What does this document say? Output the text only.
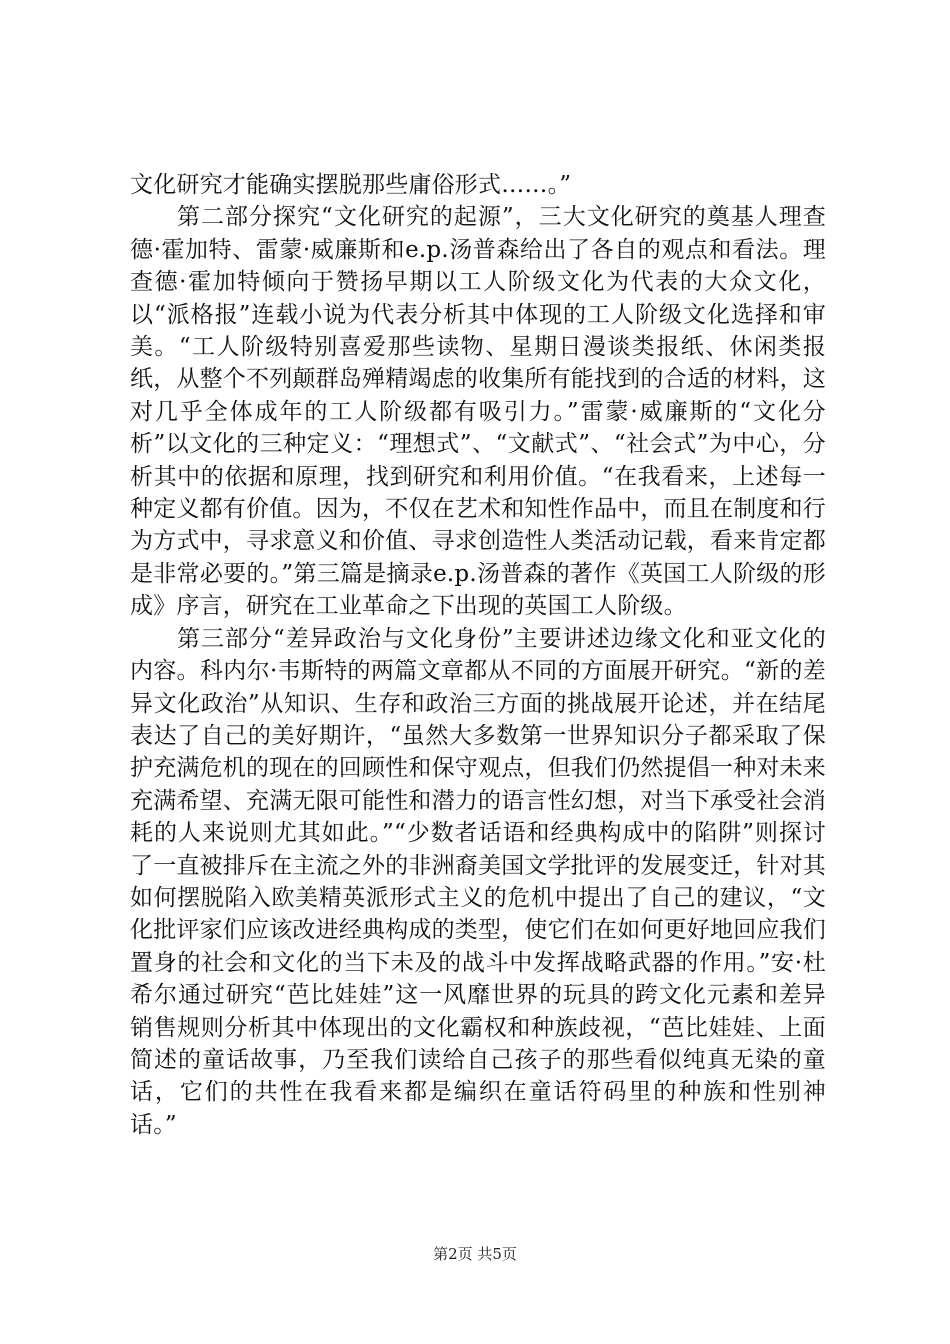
文化研究才能确实摆脱那些庸俗形式……。”

第二部分探究“文化研究的起源”，三大文化研究的奠基人理查德·霍加特、雷蒙·威廉斯和e.p.汤普森给出了各自的观点和看法。理查德·霍加特倾向于赞扬早期以工人阶级文化为代表的大众文化，以“派格报”连载小说为代表分析其中体现的工人阶级文化选择和审美。“工人阶级特别喜爱那些读物、星期日漫谈类报纸、休闲类报纸，从整个不列颠群岛殚精竭虑的收集所有能找到的合适的材料，这对几乎全体成年的工人阶级都有吸引力。”雷蒙·威廉斯的“文化分析”以文化的三种定义：“理想式”、“文献式”、“社会式”为中心，分析其中的依据和原理，找到研究和利用价值。“在我看来，上述每一种定义都有价值。因为，不仅在艺术和知性作品中，而且在制度和行为方式中，寻求意义和价值、寻求创造性人类活动记载，看来肯定都是非常必要的。”第三篇是摘录e.p.汤普森的著作《英国工人阶级的形成》序言，研究在工业革命之下出现的英国工人阶级。

第三部分“差异政治与文化身份”主要讲述边缘文化和亚文化的内容。科内尔·韦斯特的两篇文章都从不同的方面展开研究。“新的差异文化政治”从知识、生存和政治三方面的挑战展开论述，并在结尾表达了自己的美好期许，“虽然大多数第一世界知识分子都采取了保护充满危机的现在的回顾性和保守观点，但我们仍然提倡一种对未来充满希望、充满无限可能性和潜力的语言性幻想，对当下承受社会消耗的人来说则尤其如此。”“少数者话语和经典构成中的陷阱”则探讨了一直被排斥在主流之外的非洲裔美国文学批评的发展变迁，针对其如何摆脱陷入欧美精英派形式主义的危机中提出了自己的建议，“文化批评家们应该改进经典构成的类型，使它们在如何更好地回应我们置身的社会和文化的当下未及的战斗中发挥战略武器的作用。”安·杜希尔通过研究“芭比娃娃”这一风靡世界的玩具的跨文化元素和差异销售规则分析其中体现出的文化霸权和种族歧视，“芭比娃娃、上面简述的童话故事，乃至我们读给自己孩子的那些看似纯真无染的童话，它们的共性在我看来都是编织在童话符码里的种族和性别神话。”

第2页 共5页
